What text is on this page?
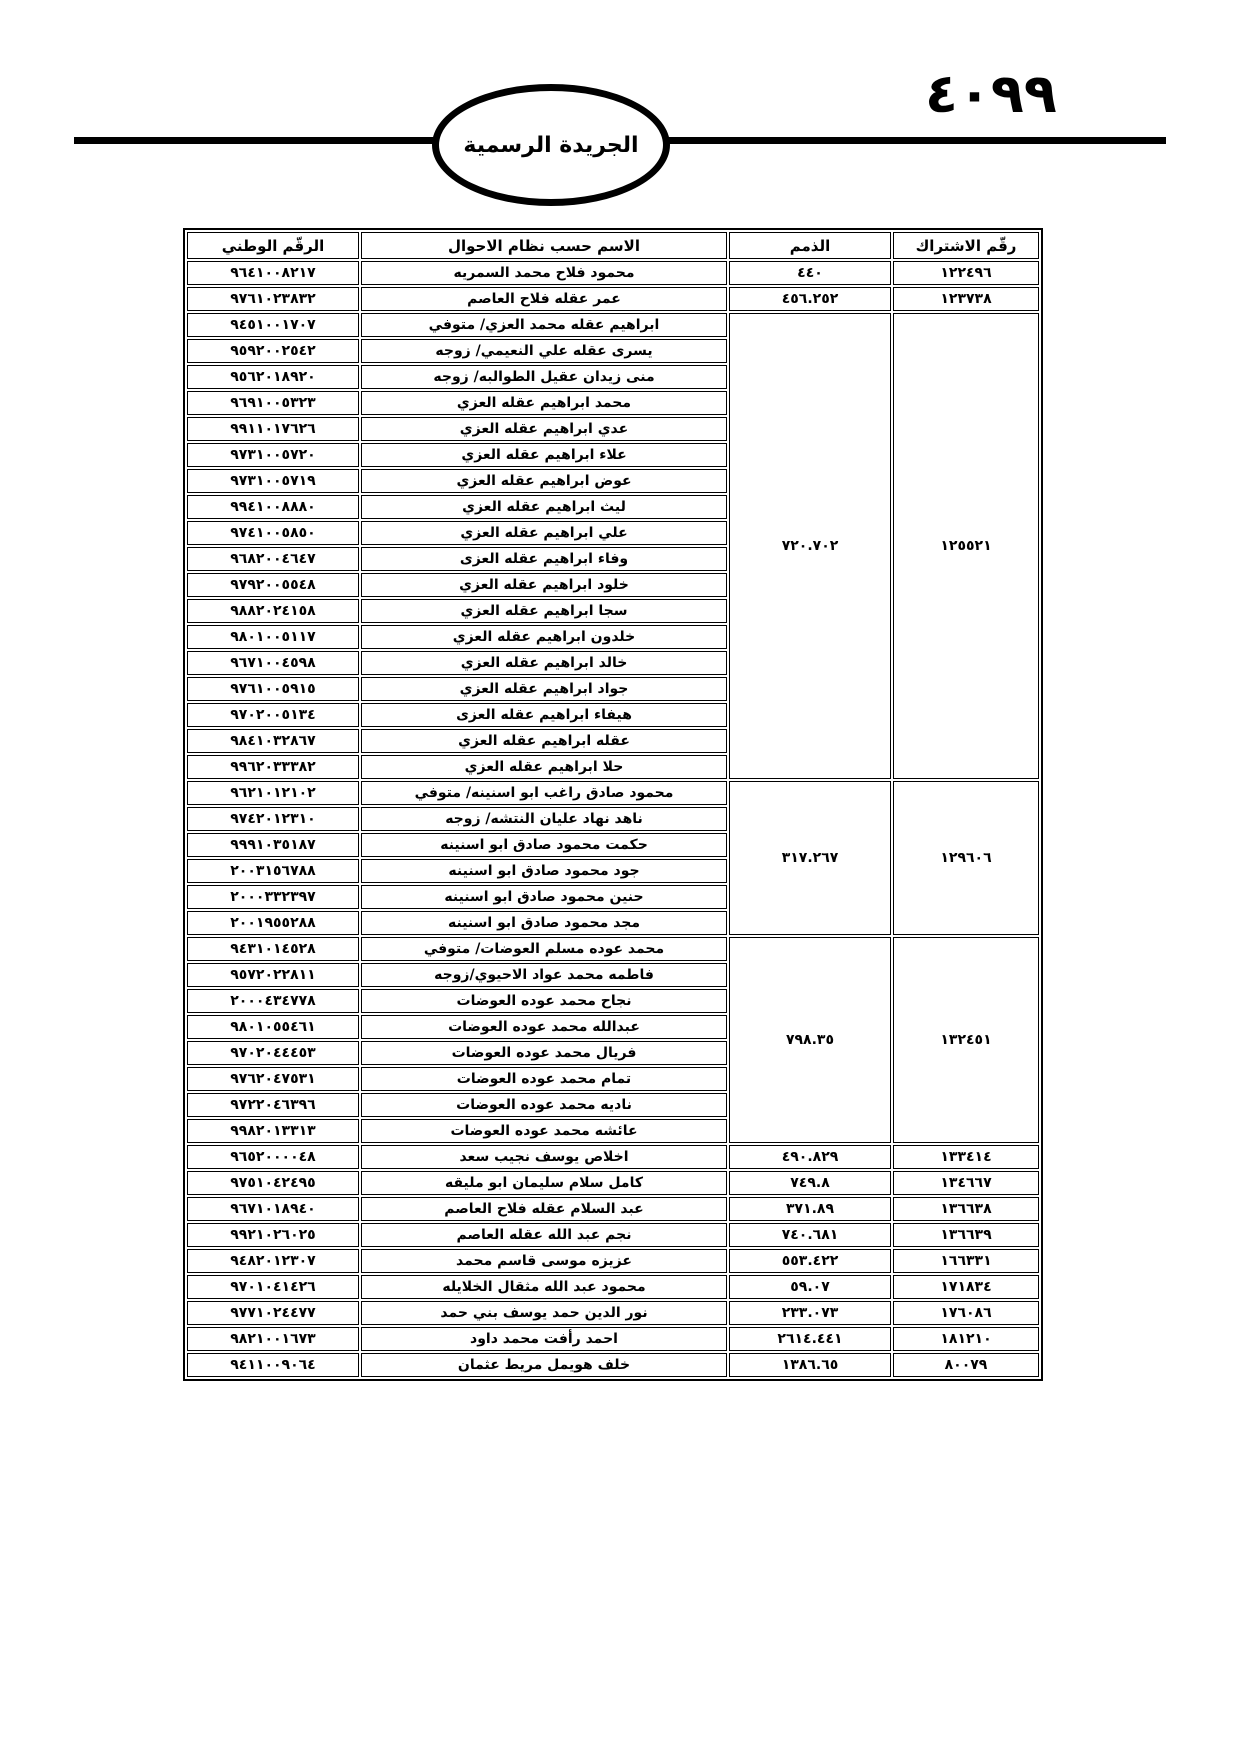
٤٠٩٩
الجريدة الرسمية
رقّم الاشتراك	الذمم	الاسم حسب نظام الاحوال	الرقّم الوطني
١٢٢٤٩٦	٤٤٠	محمود فلاح محمد السمريه	٩٦٤١٠٠٨٢١٧
١٢٣٧٣٨	٤٥٦.٢٥٢	عمر عقله فلاح العاصم	٩٧٦١٠٢٣٨٣٢
١٢٥٥٢١	٧٢٠.٧٠٢	ابراهيم عقله محمد العزي/ متوفي	٩٤٥١٠٠١٧٠٧
		يسرى عقله علي النعيمي/ زوجه	٩٥٩٢٠٠٢٥٤٢
		منى زيدان عقيل الطوالبه/ زوجه	٩٥٦٢٠١٨٩٢٠
		محمد ابراهيم عقله العزي	٩٦٩١٠٠٥٣٢٣
		عدي ابراهيم عقله العزي	٩٩١١٠١٧٦٢٦
		علاء ابراهيم عقله العزي	٩٧٣١٠٠٥٧٢٠
		عوض ابراهيم عقله العزي	٩٧٣١٠٠٥٧١٩
		ليث ابراهيم عقله العزي	٩٩٤١٠٠٨٨٨٠
		علي ابراهيم عقله العزي	٩٧٤١٠٠٥٨٥٠
		وفاء ابراهيم عقله العزى	٩٦٨٢٠٠٤٦٤٧
		خلود ابراهيم عقله العزي	٩٧٩٢٠٠٥٥٤٨
		سجا ابراهيم عقله العزي	٩٨٨٢٠٢٤١٥٨
		خلدون ابراهيم عقله العزي	٩٨٠١٠٠٥١١٧
		خالد ابراهيم عقله العزي	٩٦٧١٠٠٤٥٩٨
		جواد ابراهيم عقله العزي	٩٧٦١٠٠٥٩١٥
		هيفاء ابراهيم عقله العزى	٩٧٠٢٠٠٥١٣٤
		عقله ابراهيم عقله العزي	٩٨٤١٠٣٢٨٦٧
		حلا ابراهيم عقله العزي	٩٩٦٢٠٣٣٣٨٢
١٢٩٦٠٦	٣١٧.٢٦٧	محمود صادق راغب ابو اسنينه/ متوفي	٩٦٢١٠١٢١٠٢
		ناهد نهاد عليان النتشه/ زوجه	٩٧٤٢٠١٢٣١٠
		حكمت محمود صادق ابو اسنينه	٩٩٩١٠٣٥١٨٧
		جود محمود صادق ابو اسنينه	٢٠٠٣١٥٦٧٨٨
		حنين محمود صادق ابو اسنينه	٢٠٠٠٣٣٢٣٩٧
		مجد محمود صادق ابو اسنينه	٢٠٠١٩٥٥٢٨٨
١٣٢٤٥١	٧٩٨.٣٥	محمد عوده مسلم العوضات/ متوفي	٩٤٣١٠١٤٥٢٨
		فاطمه محمد عواد الاحيوي/زوجه	٩٥٧٢٠٢٢٨١١
		نجاح محمد عوده العوضات	٢٠٠٠٤٣٤٧٧٨
		عبدالله محمد عوده العوضات	٩٨٠١٠٥٥٤٦١
		فريال محمد عوده العوضات	٩٧٠٢٠٤٤٤٥٣
		تمام محمد عوده العوضات	٩٧٦٢٠٤٧٥٣١
		ناديه محمد عوده العوضات	٩٧٢٢٠٤٦٣٩٦
		عائشه محمد عوده العوضات	٩٩٨٢٠١٣٣١٣
١٣٣٤١٤	٤٩٠.٨٢٩	اخلاص يوسف نجيب سعد	٩٦٥٢٠٠٠٠٤٨
١٣٤٦٦٧	٧٤٩.٨	كامل سلام سليمان ابو مليقه	٩٧٥١٠٤٢٤٩٥
١٣٦٦٣٨	٣٧١.٨٩	عبد السلام عقله فلاح العاصم	٩٦٧١٠١٨٩٤٠
١٣٦٦٣٩	٧٤٠.٦٨١	نجم عبد الله عقله العاصم	٩٩٢١٠٢٦٠٢٥
١٦٦٣٣١	٥٥٣.٤٢٢	عزيزه موسى قاسم محمد	٩٤٨٢٠١٢٣٠٧
١٧١٨٣٤	٥٩.٠٧	محمود عبد الله مثقال الخلايله	٩٧٠١٠٤١٤٢٦
١٧٦٠٨٦	٢٣٣.٠٧٣	نور الدين حمد يوسف بني حمد	٩٧٧١٠٢٤٤٧٧
١٨١٢١٠	٢٦١٤.٤٤١	احمد رأفت محمد داود	٩٨٢١٠٠١٦٧٣
٨٠٠٧٩	١٣٨٦.٦٥	خلف هويمل مريط عثمان	٩٤١١٠٠٩٠٦٤
